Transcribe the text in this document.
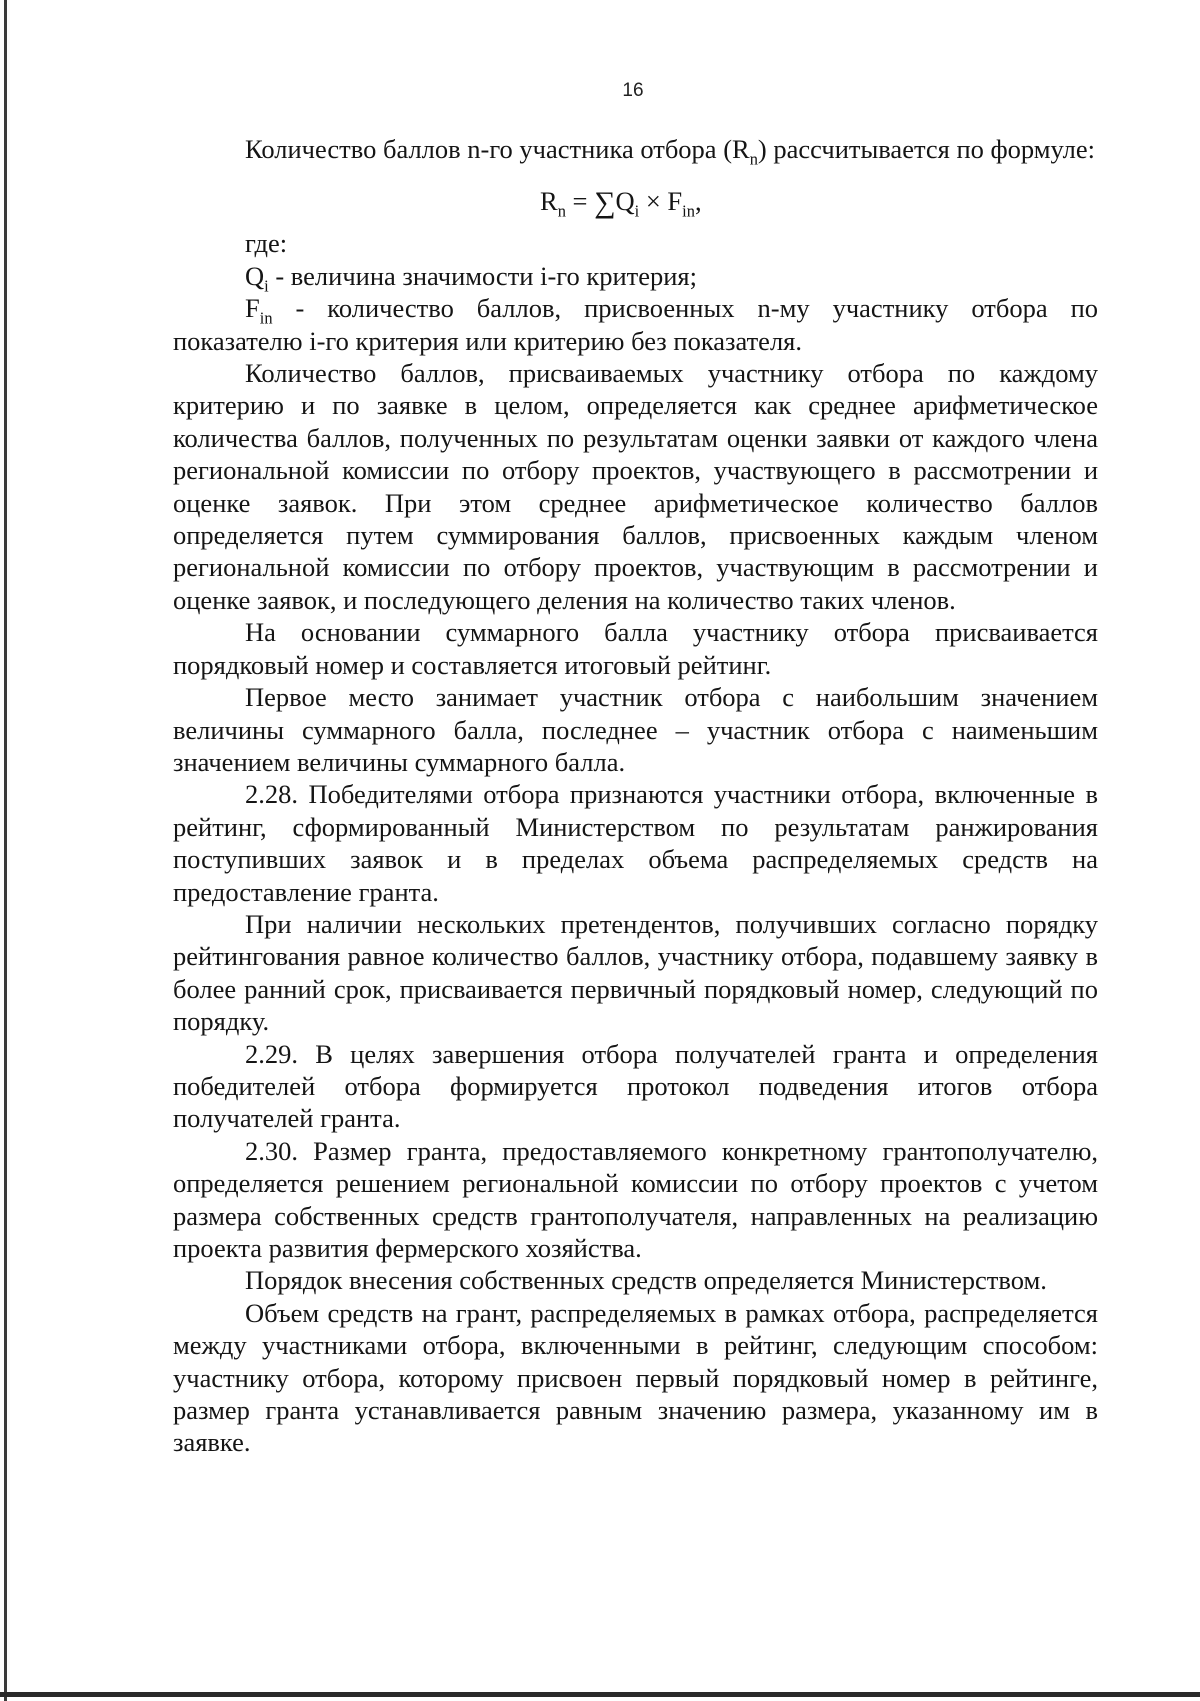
16

Количество баллов n-го участника отбора $(R_n)$ рассчитывается по формуле:

$R_n = \sum Q_i \times F_{in}$,

где:

$Q_i$ - величина значимости i-го критерия;

$F_{in}$ - количество баллов, присвоенных n-му участнику отбора по показателю i-го критерия или критерию без показателя.

Количество баллов, присваиваемых участнику отбора по каждому критерию и по заявке в целом, определяется как среднее арифметическое количества баллов, полученных по результатам оценки заявки от каждого члена региональной комиссии по отбору проектов, участвующего в рассмотрении и оценке заявок. При этом среднее арифметическое количество баллов определяется путем суммирования баллов, присвоенных каждым членом региональной комиссии по отбору проектов, участвующим в рассмотрении и оценке заявок, и последующего деления на количество таких членов.

На основании суммарного балла участнику отбора присваивается порядковый номер и составляется итоговый рейтинг.

Первое место занимает участник отбора с наибольшим значением величины суммарного балла, последнее – участник отбора с наименьшим значением величины суммарного балла.

2.28. Победителями отбора признаются участники отбора, включенные в рейтинг, сформированный Министерством по результатам ранжирования поступивших заявок и в пределах объема распределяемых средств на предоставление гранта.

При наличии нескольких претендентов, получивших согласно порядку рейтингования равное количество баллов, участнику отбора, подавшему заявку в более ранний срок, присваивается первичный порядковый номер, следующий по порядку.

2.29. В целях завершения отбора получателей гранта и определения победителей отбора формируется протокол подведения итогов отбора получателей гранта.

2.30. Размер гранта, предоставляемого конкретному грантополучателю, определяется решением региональной комиссии по отбору проектов с учетом размера собственных средств грантополучателя, направленных на реализацию проекта развития фермерского хозяйства.

Порядок внесения собственных средств определяется Министерством.

Объем средств на грант, распределяемых в рамках отбора, распределяется между участниками отбора, включенными в рейтинг, следующим способом: участнику отбора, которому присвоен первый порядковый номер в рейтинге, размер гранта устанавливается равным значению размера, указанному им в заявке.
